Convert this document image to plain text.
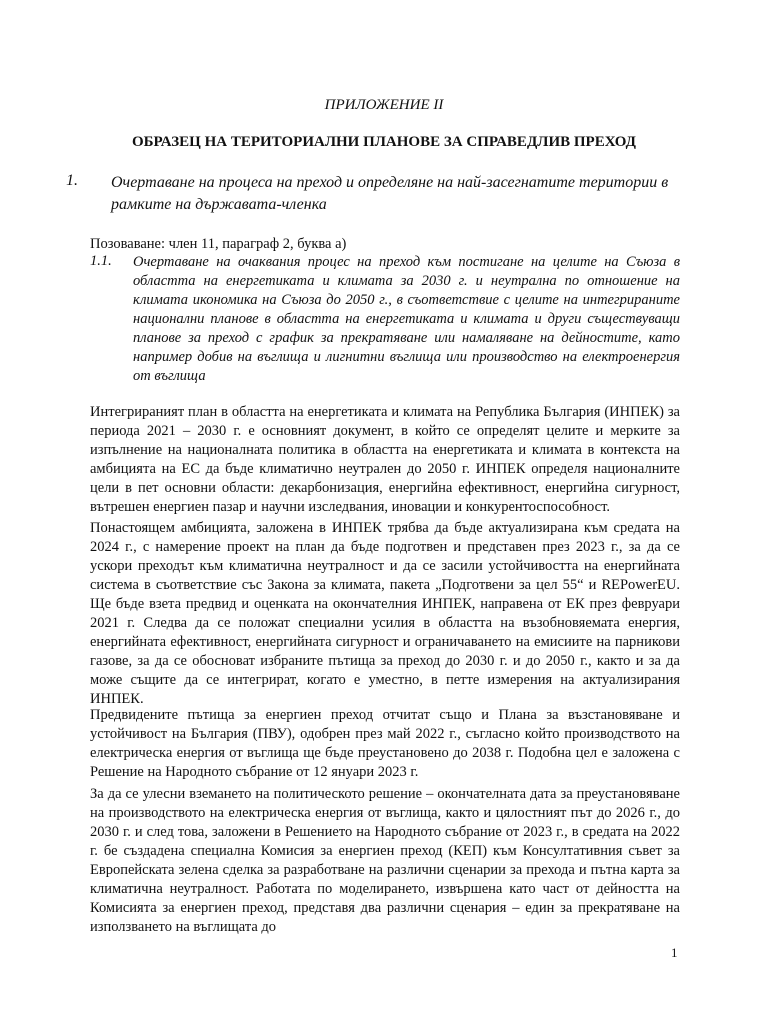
ПРИЛОЖЕНИЕ II
ОБРАЗЕЦ НА ТЕРИТОРИАЛНИ ПЛАНОВЕ ЗА СПРАВЕДЛИВ ПРЕХОД
1. Очертаване на процеса на преход и определяне на най-засегнатите територии в рамките на държавата-членка
Позоваване: член 11, параграф 2, буква а)
1.1. Очертаване на очаквания процес на преход към постигане на целите на Съюза в областта на енергетиката и климата за 2030 г. и неутрална по отношение на климата икономика на Съюза до 2050 г., в съответствие с целите на интегрираните национални планове в областта на енергетиката и климата и други съществуващи планове за преход с график за прекратяване или намаляване на дейностите, като например добив на въглища и лигнитни въглища или производство на електроенергия от въглища

Интегрираният план в областта на енергетиката и климата на Република България (ИНПЕК) за периода 2021 – 2030 г. е основният документ, в който се определят целите и мерките за изпълнение на националната политика в областта на енергетиката и климата в контекста на амбицията на ЕС да бъде климатично неутрален до 2050 г. ИНПЕК определя националните цели в пет основни области: декарбонизация, енергийна ефективност, енергийна сигурност, вътрешен енергиен пазар и научни изследвания, иновации и конкурентоспособност.

Понастоящем амбицията, заложена в ИНПЕК трябва да бъде актуализирана към средата на 2024 г., с намерение проект на план да бъде подготвен и представен през 2023 г., за да се ускори преходът към климатична неутралност и да се засили устойчивостта на енергийната система в съответствие със Закона за климата, пакета „Подготвени за цел 55“ и REPowerEU. Ще бъде взета предвид и оценката на окончателния ИНПЕК, направена от ЕК през февруари 2021 г. Следва да се положат специални усилия в областта на възобновяемата енергия, енергийната ефективност, енергийната сигурност и ограничаването на емисиите на парникови газове, за да се обоснoват избраните пътища за преход до 2030 г. и до 2050 г., както и за да може същите да се интегрират, когато е уместно, в петте измерения на актуализирания ИНПЕК.

Предвидените пътища за енергиен преход отчитат също и Плана за възстановяване и устойчивост на България (ПВУ), одобрен през май 2022 г., съгласно който производството на електрическа енергия от въглища ще бъде преустановено до 2038 г. Подобна цел е заложена с Решение на Народното събрание от 12 януари 2023 г.

За да се улесни вземането на политическото решение – окончателната дата за преустановяване на производството на електрическа енергия от въглища, както и цялостният път до 2026 г., до 2030 г. и след това, заложени в Решението на Народното събрание от 2023 г., в средата на 2022 г. бе създадена специална Комисия за енергиен преход (КЕП) към Консултативния съвет за Европейската зелена сделка за разработване на различни сценарии за прехода и пътна карта за климатична неутралност. Работата по моделирането, извършена като част от дейността на Комисията за енергиен преход, представя два различни сценария – един за прекратяване на използването на въглищата до

1
